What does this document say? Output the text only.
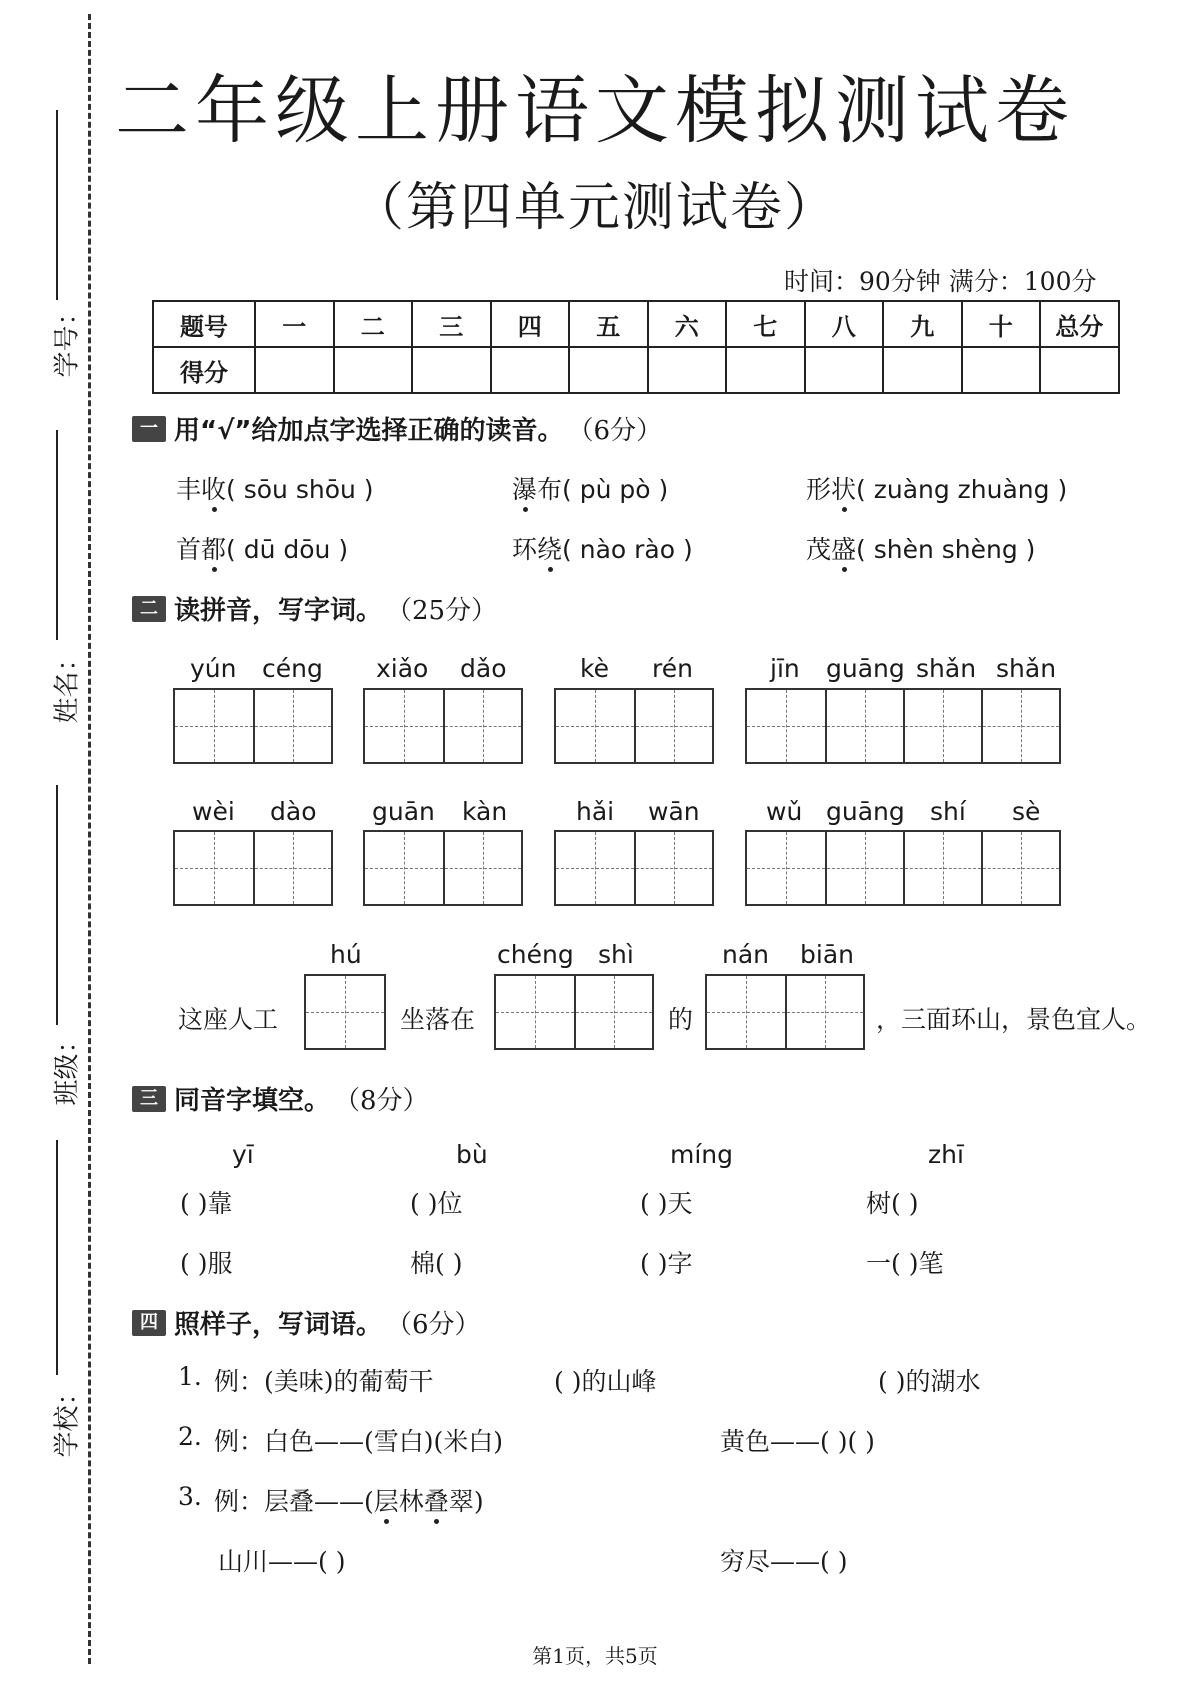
学号：
姓名：
班级：
学校：
二年级上册语文模拟测试卷
（第四单元测试卷）
时间：90分钟 满分：100分
题号	一	二	三	四	五	六	七	八	九	十	总分
得分											
一 用“√”给加点字选择正确的读音。 （6分）
丰收( sōu shōu )	瀑布( pù pò )	形状( zuàng zhuàng )
首都( dū dōu )	环绕( nào rào )	茂盛( shèn shèng )
二 读拼音，写字词。 （25分）
yún céng xiǎo dǎo	kè rén	jīn guāng shǎn shǎn
wèi dào guān kàn	hǎi wān	wǔ guāng shí sè
hú	chéng shì	nán biān
这座人工	坐落在	的	，三面环山，景色宜人。
三 同音字填空。 （8分）
yī	bù	míng	zhī
( )靠	( )位	( )天	树( )
( )服	棉( )	( )字	一( )笔
四 照样子，写词语。 （6分）
1. 例：(美味)的葡萄干	( )的山峰	( )的湖水
2. 例：白色——(雪白)(米白)	黄色——( )( )
3. 例：层叠——(层林叠翠)
山川——( )	穷尽——( )
第1页，共5页
